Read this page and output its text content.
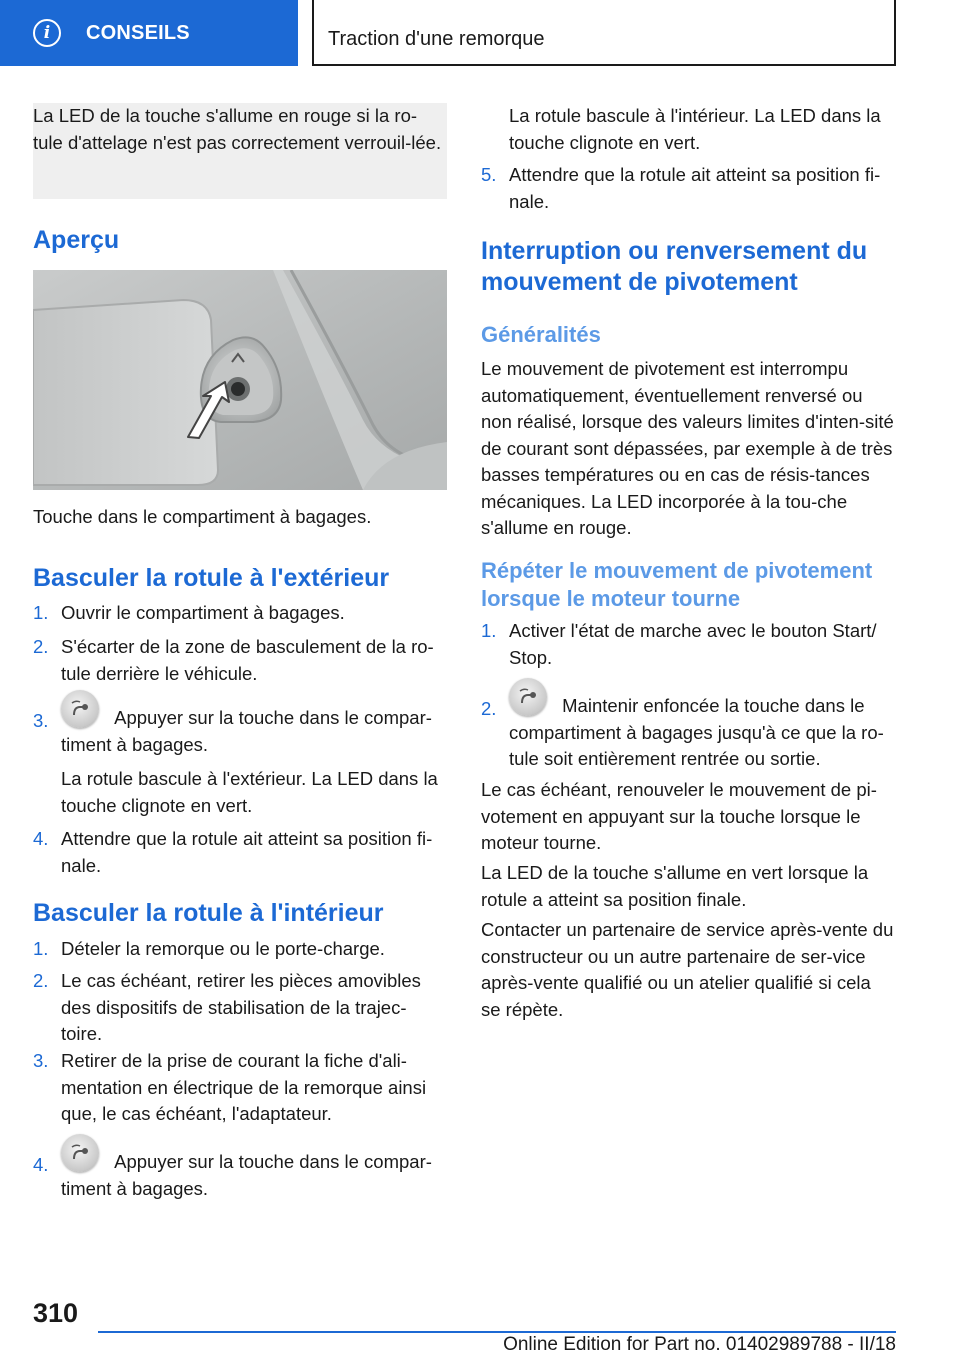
i	CONSEILS	Traction d'une remorque

La LED de la touche s'allume en rouge si la ro-tule d'attelage n'est pas correctement verrouil-lée.

Aperçu
Touche dans le compartiment à bagages.
Basculer la rotule à l'extérieur
1. Ouvrir le compartiment à bagages.
2. S'écarter de la zone de basculement de la ro-tule derrière le véhicule.
3.	Appuyer sur la touche dans le compar-timent à bagages.
La rotule bascule à l'extérieur. La LED dans la touche clignote en vert.
4. Attendre que la rotule ait atteint sa position fi-nale.
Basculer la rotule à l'intérieur
1. Dételer la remorque ou le porte-charge.
2. Le cas échéant, retirer les pièces amovibles des dispositifs de stabilisation de la trajec-toire.
3. Retirer de la prise de courant la fiche d'ali-mentation en électrique de la remorque ainsi que, le cas échéant, l'adaptateur.
4.	Appuyer sur la touche dans le compar-timent à bagages.
La rotule bascule à l'intérieur. La LED dans la touche clignote en vert.
5. Attendre que la rotule ait atteint sa position fi-nale.
Interruption ou renversement du mouvement de pivotement
Généralités
Le mouvement de pivotement est interrompu automatiquement, éventuellement renversé ou non réalisé, lorsque des valeurs limites d'inten-sité de courant sont dépassées, par exemple à de très basses températures ou en cas de résis-tances mécaniques. La LED incorporée à la tou-che s'allume en rouge.
Répéter le mouvement de pivotement lorsque le moteur tourne
1. Activer l'état de marche avec le bouton Start/ Stop.
2.	Maintenir enfoncée la touche dans le compartiment à bagages jusqu'à ce que la ro-tule soit entièrement rentrée ou sortie.
Le cas échéant, renouveler le mouvement de pi-votement en appuyant sur la touche lorsque le moteur tourne.
La LED de la touche s'allume en vert lorsque la rotule a atteint sa position finale.
Contacter un partenaire de service après-vente du constructeur ou un autre partenaire de ser-vice après-vente qualifié ou un atelier qualifié si cela se répète.
310
Online Edition for Part no. 01402989788 - II/18
